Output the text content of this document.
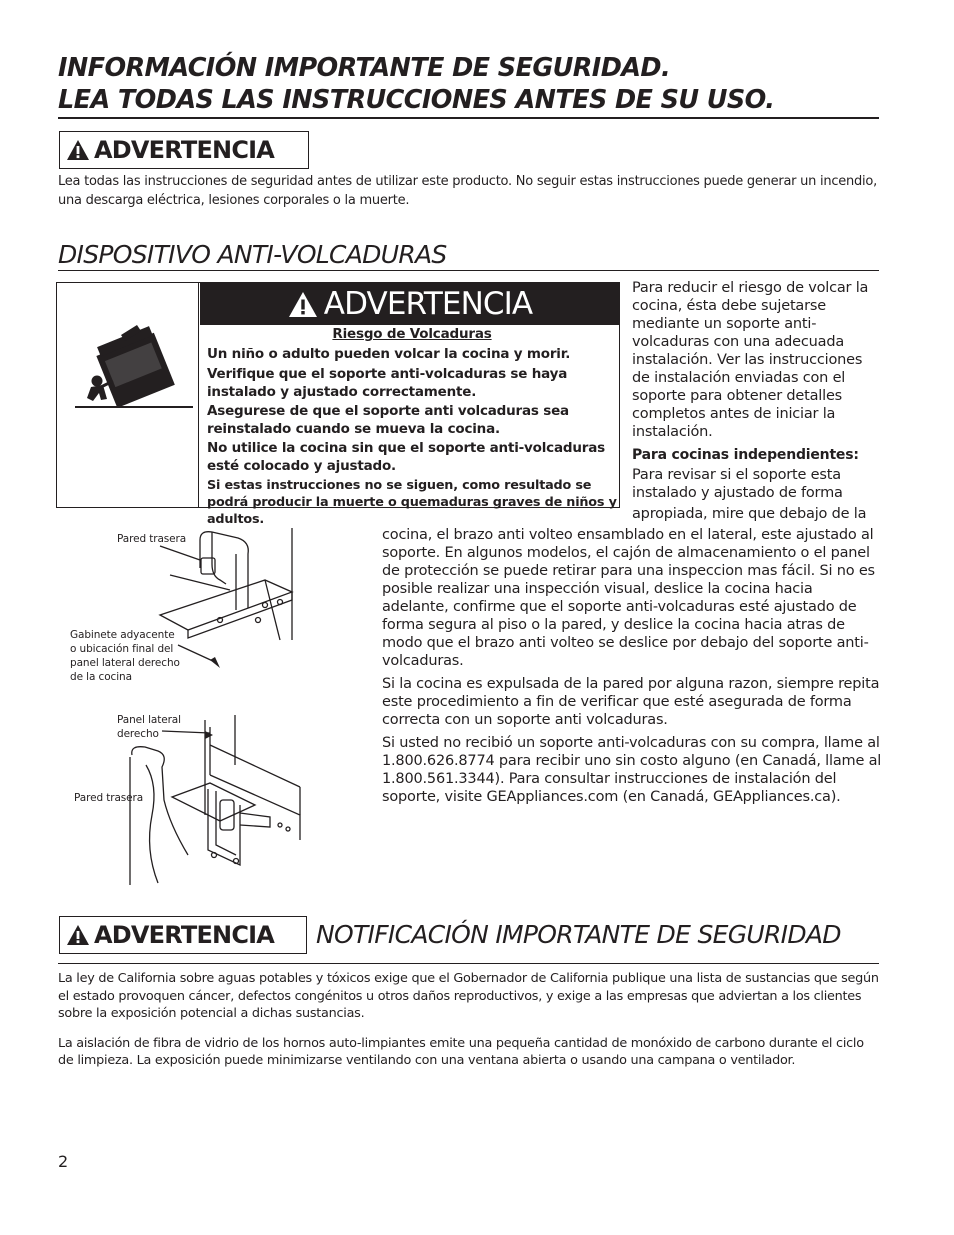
INFORMACIÓN IMPORTANTE DE SEGURIDAD.
LEA TODAS LAS INSTRUCCIONES ANTES DE SU USO.
ADVERTENCIA
Lea todas las instrucciones de seguridad antes de utilizar este producto. No seguir estas instrucciones puede generar un incendio, una descarga eléctrica, lesiones corporales o la muerte.
DISPOSITIVO ANTI-VOLCADURAS
ADVERTENCIA

Riesgo de Volcaduras

Un niño o adulto pueden volcar la cocina y morir.

Verifique que el soporte anti-volcaduras se haya instalado y ajustado correctamente.

Asegurese de que el soporte anti volcaduras sea reinstalado cuando se mueva la cocina.

No utilice la cocina sin que el soporte anti-volcaduras esté colocado y ajustado.

Si estas instrucciones no se siguen, como resultado se podrá producir la muerte o quemaduras graves de niños y adultos.

Para reducir el riesgo de volcar la cocina, ésta debe sujetarse mediante un soporte anti-volcaduras con una adecuada instalación. Ver las instrucciones de instalación enviadas con el soporte para obtener detalles completos antes de iniciar la instalación.

Para cocinas independientes:

Para revisar si el soporte esta instalado y ajustado de forma

apropiada, mire que debajo de la

cocina, el brazo anti volteo ensamblado en el lateral, este ajustado al soporte. En algunos modelos, el cajón de almacenamiento o el panel de protección se puede retirar para una inspeccion mas fácil. Si no es posible realizar una inspección visual, deslice la cocina hacia adelante, confirme que el soporte anti-volcaduras esté ajustado de forma segura al piso o la pared, y deslice la cocina hacia atras de modo que el brazo anti volteo se deslice por debajo del soporte anti-volcaduras.

Si la cocina es expulsada de la pared por alguna razon, siempre repita este procedimiento a fin de verificar que esté asegurada de forma correcta con un soporte anti volcaduras.

Si usted no recibió un soporte anti-volcaduras con su compra, llame al 1.800.626.8774 para recibir uno sin costo alguno (en Canadá, llame al 1.800.561.3344). Para consultar instrucciones de instalación del soporte, visite GEAppliances.com (en Canadá, GEAppliances.ca).

Pared trasera
Gabinete adyacente o ubicación final del panel lateral derecho de la cocina
Panel lateral derecho
Pared trasera
ADVERTENCIA NOTIFICACIÓN IMPORTANTE DE SEGURIDAD

La ley de California sobre aguas potables y tóxicos exige que el Gobernador de California publique una lista de sustancias que según el estado provoquen cáncer, defectos congénitos u otros daños reproductivos, y exige a las empresas que adviertan a los clientes sobre la exposición potencial a dichas sustancias.

La aislación de fibra de vidrio de los hornos auto-limpiantes emite una pequeña cantidad de monóxido de carbono durante el ciclo de limpieza. La exposición puede minimizarse ventilando con una ventana abierta o usando una campana o ventilador.

2
